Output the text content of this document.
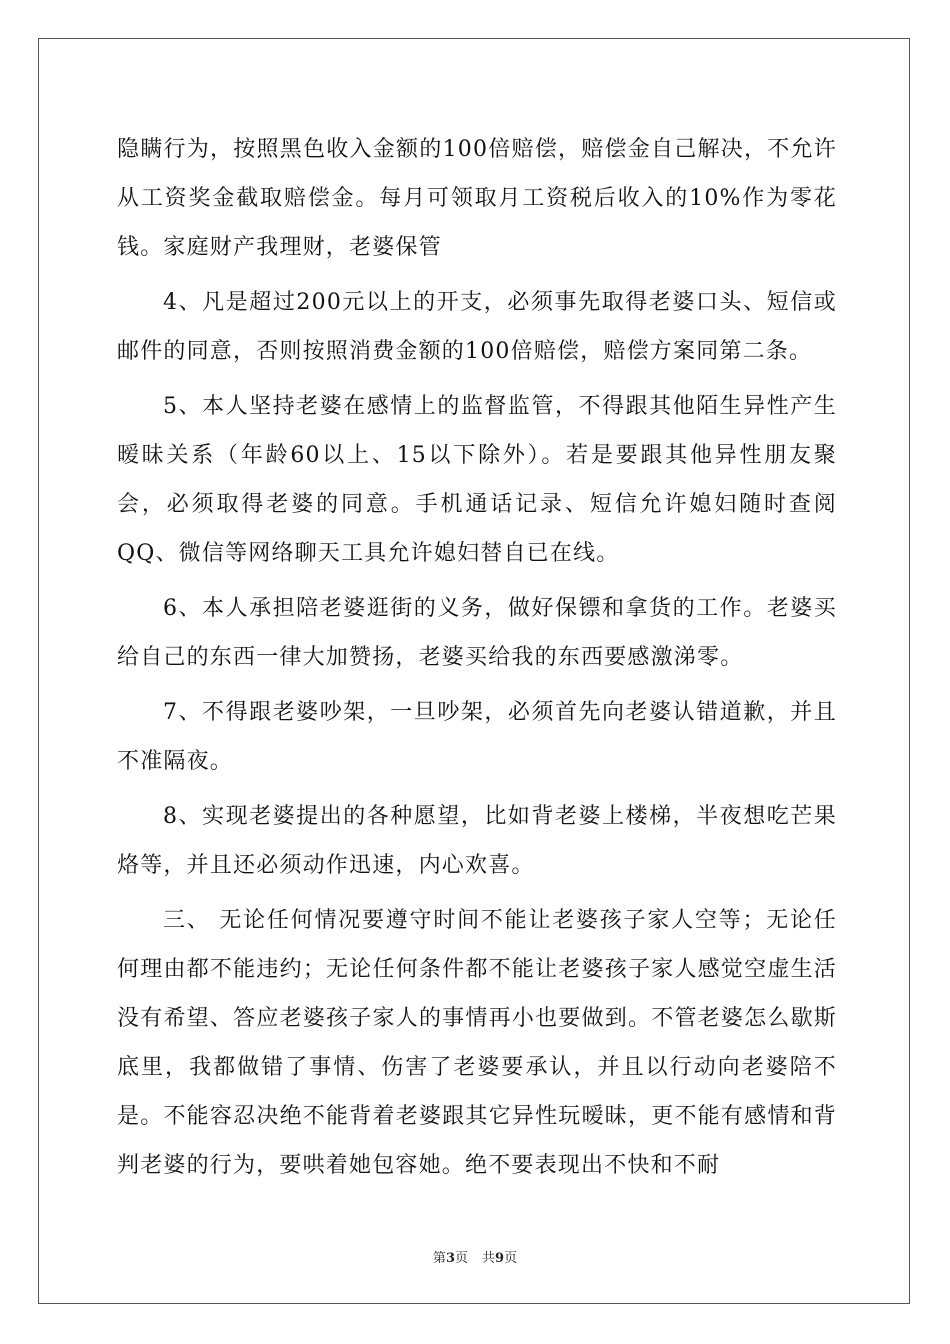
隐瞒行为，按照黑色收入金额的100倍赔偿，赔偿金自己解决，不允许从工资奖金截取赔偿金。每月可领取月工资税后收入的10%作为零花钱。家庭财产我理财，老婆保管

4、凡是超过200元以上的开支，必须事先取得老婆口头、短信或邮件的同意，否则按照消费金额的100倍赔偿，赔偿方案同第二条。

5、本人坚持老婆在感情上的监督监管，不得跟其他陌生异性产生暧昧关系（年龄60以上、15以下除外）。若是要跟其他异性朋友聚会，必须取得老婆的同意。手机通话记录、短信允许媳妇随时查阅QQ、微信等网络聊天工具允许媳妇替自已在线。

6、本人承担陪老婆逛街的义务，做好保镖和拿货的工作。老婆买给自己的东西一律大加赞扬，老婆买给我的东西要感激涕零。

7、不得跟老婆吵架，一旦吵架，必须首先向老婆认错道歉，并且不准隔夜。

8、实现老婆提出的各种愿望，比如背老婆上楼梯，半夜想吃芒果烙等，并且还必须动作迅速，内心欢喜。

三、 无论任何情况要遵守时间不能让老婆孩子家人空等；无论任何理由都不能违约；无论任何条件都不能让老婆孩子家人感觉空虚生活没有希望、答应老婆孩子家人的事情再小也要做到。不管老婆怎么歇斯底里，我都做错了事情、伤害了老婆要承认，并且以行动向老婆陪不是。不能容忍决绝不能背着老婆跟其它异性玩暧昧，更不能有感情和背判老婆的行为，要哄着她包容她。绝不要表现出不快和不耐

第3页 共9页
